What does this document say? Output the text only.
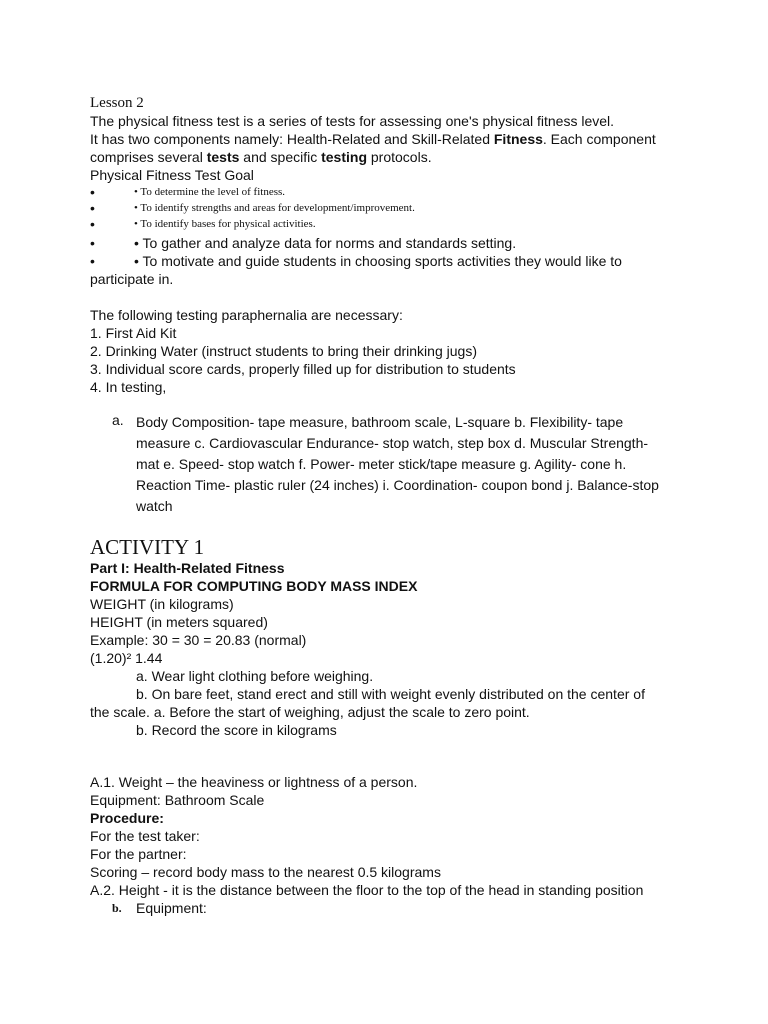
Lesson 2
The physical fitness test is a series of tests for assessing one's physical fitness level.
It has two components namely: Health-Related and Skill-Related Fitness. Each component
comprises several tests and specific testing protocols.
Physical Fitness Test Goal
•	• To determine the level of fitness.
•	• To identify strengths and areas for development/improvement.
•	• To identify bases for physical activities.
•	• To gather and analyze data for norms and standards setting.
•	• To motivate and guide students in choosing sports activities they would like to
participate in.
The following testing paraphernalia are necessary:
1. First Aid Kit
2. Drinking Water (instruct students to bring their drinking jugs)
3. Individual score cards, properly filled up for distribution to students
4. In testing,
a. Body Composition- tape measure, bathroom scale, L-square b. Flexibility- tape measure c. Cardiovascular Endurance- stop watch, step box d. Muscular Strength- mat e. Speed- stop watch f. Power- meter stick/tape measure g. Agility- cone h. Reaction Time- plastic ruler (24 inches) i. Coordination- coupon bond j. Balance-stop watch
ACTIVITY 1
Part I: Health-Related Fitness
FORMULA FOR COMPUTING BODY MASS INDEX
WEIGHT (in kilograms)
HEIGHT (in meters squared)
Example: 30 = 30 = 20.83 (normal)
(1.20)² 1.44
a. Wear light clothing before weighing.
b. On bare feet, stand erect and still with weight evenly distributed on the center of
the scale. a. Before the start of weighing, adjust the scale to zero point.
b. Record the score in kilograms
A.1. Weight – the heaviness or lightness of a person.
Equipment: Bathroom Scale
Procedure:
For the test taker:
For the partner:
Scoring – record body mass to the nearest 0.5 kilograms
A.2. Height - it is the distance between the floor to the top of the head in standing position
b.	Equipment:
